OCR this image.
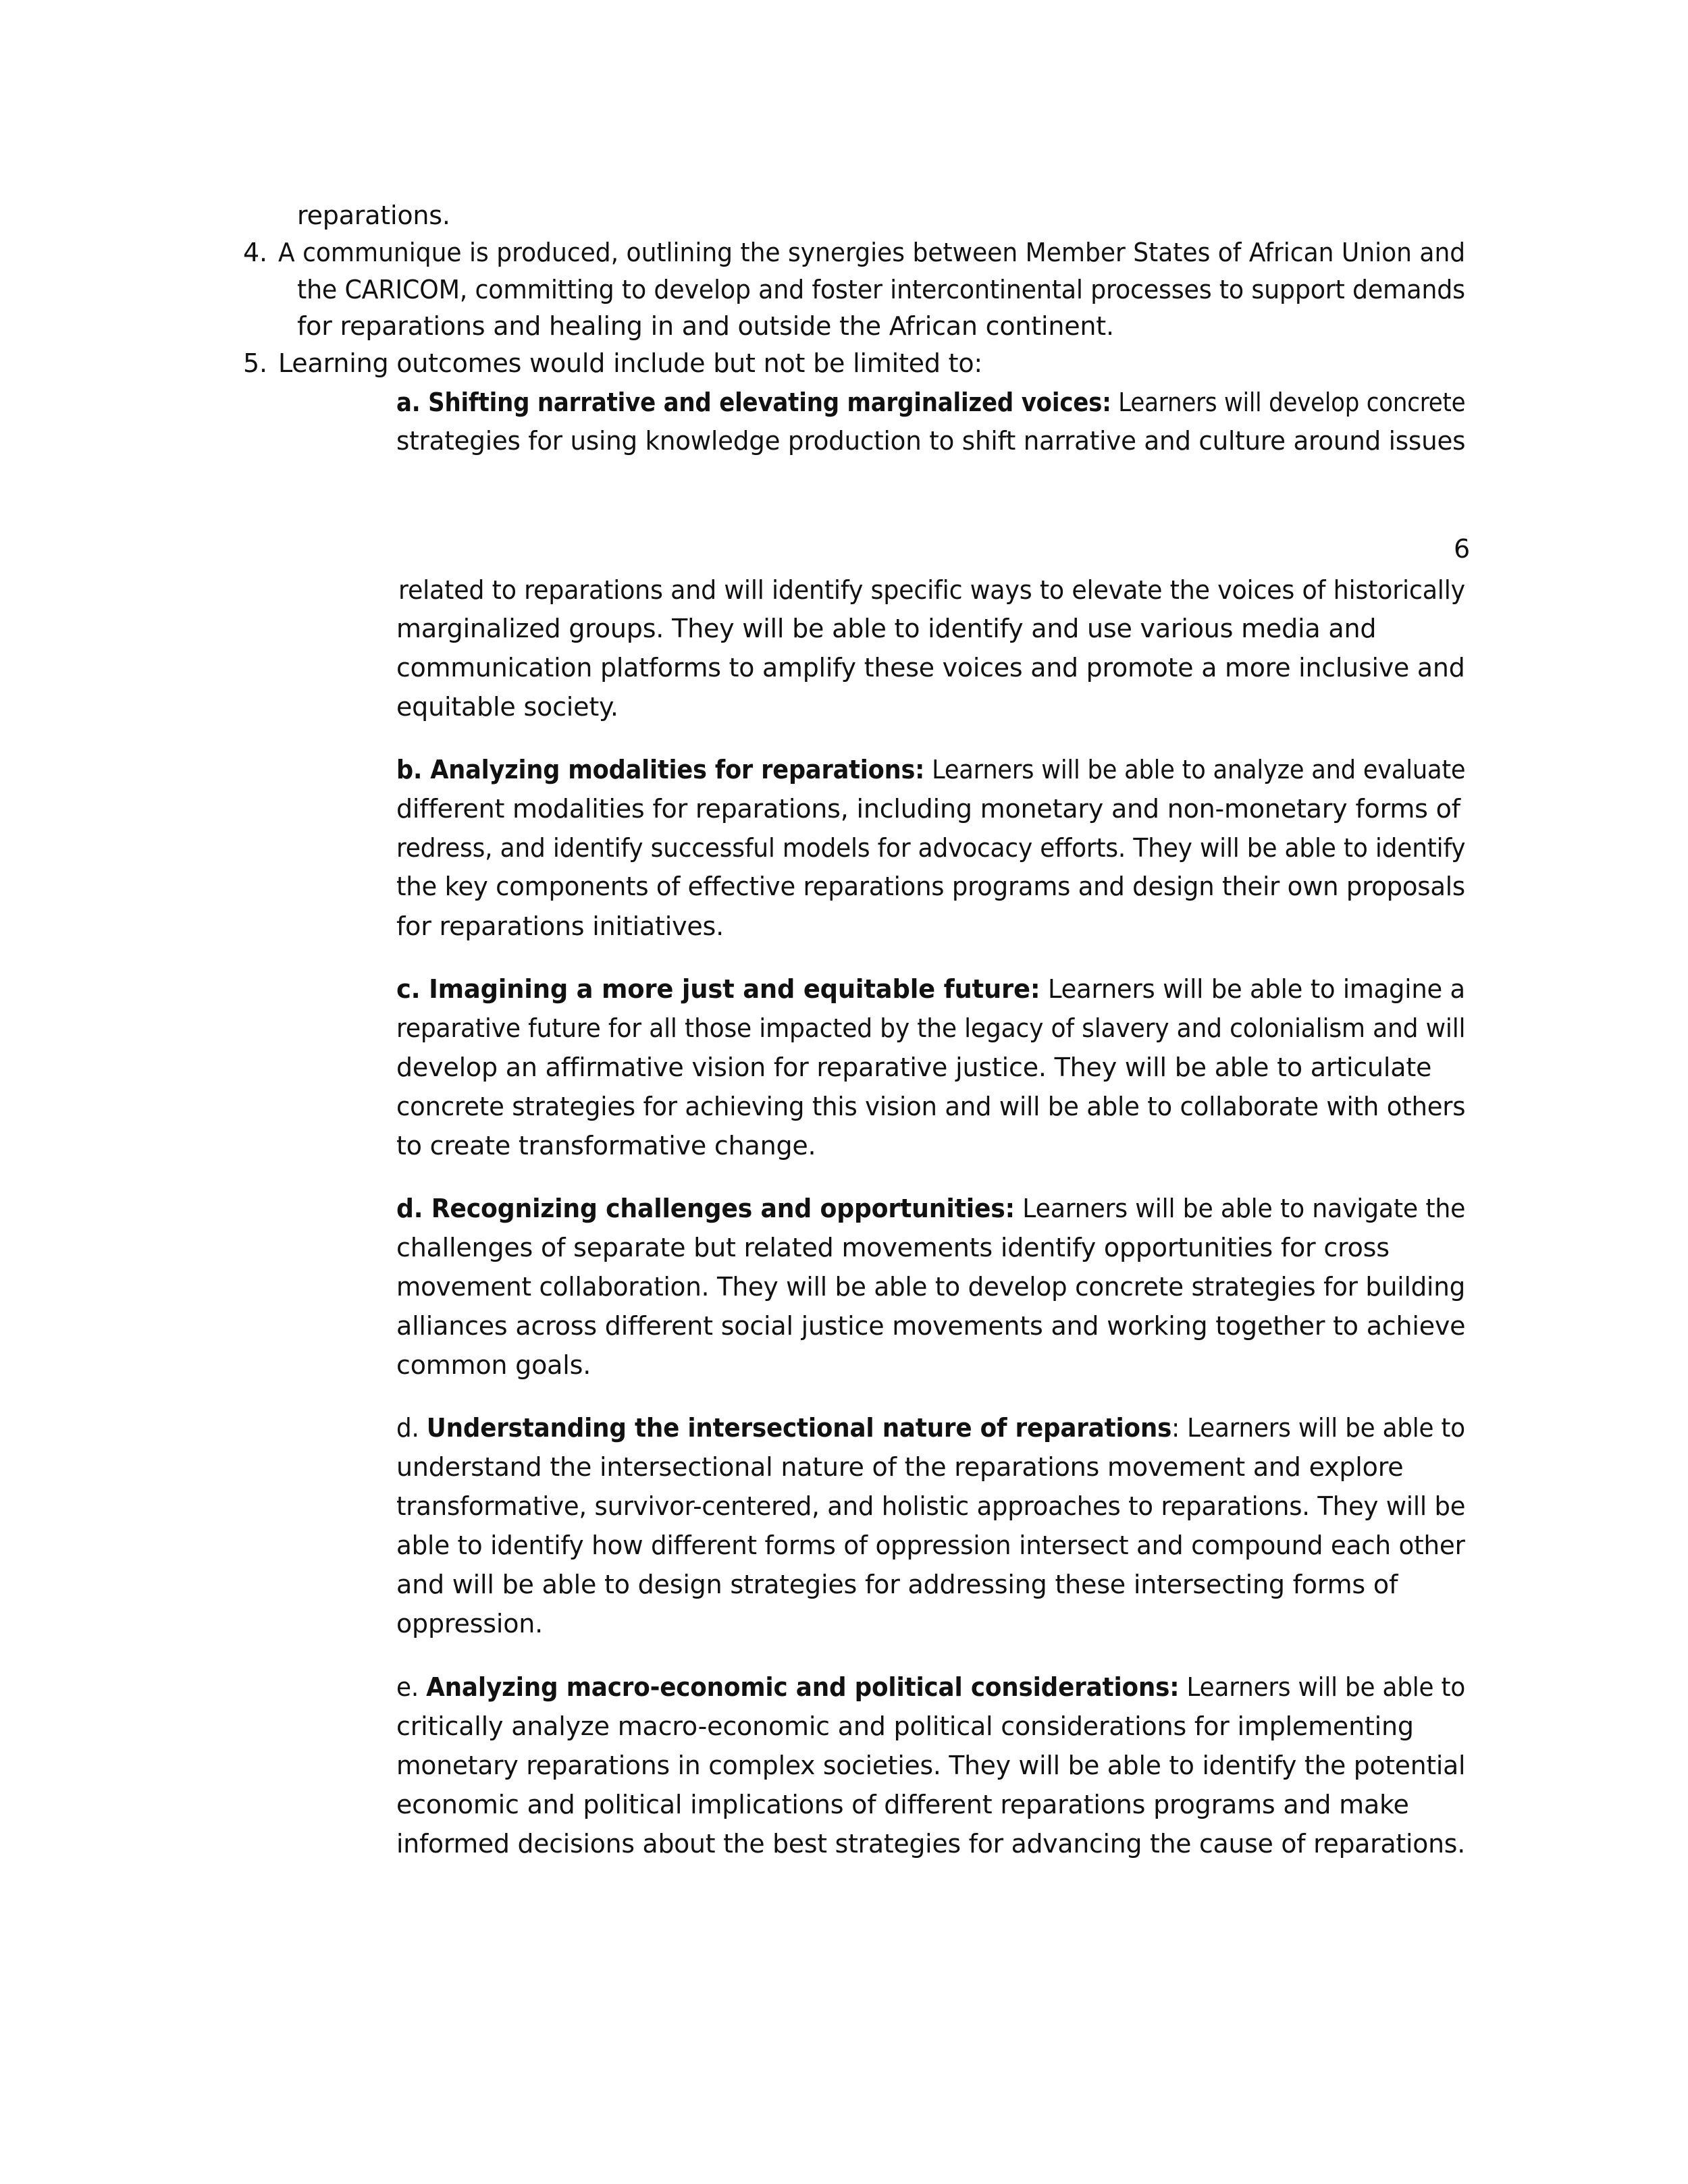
reparations.
4. A communique is produced, outlining the synergies between Member States of African Union and
the CARICOM, committing to develop and foster intercontinental processes to support demands
for reparations and healing in and outside the African continent.
5. Learning outcomes would include but not be limited to:
a. Shifting narrative and elevating marginalized voices: Learners will develop concrete
strategies for using knowledge production to shift narrative and culture around issues
6
related to reparations and will identify specific ways to elevate the voices of historically
marginalized groups. They will be able to identify and use various media and
communication platforms to amplify these voices and promote a more inclusive and
equitable society.
b. Analyzing modalities for reparations: Learners will be able to analyze and evaluate
different modalities for reparations, including monetary and non-monetary forms of
redress, and identify successful models for advocacy efforts. They will be able to identify
the key components of effective reparations programs and design their own proposals
for reparations initiatives.
c. Imagining a more just and equitable future: Learners will be able to imagine a
reparative future for all those impacted by the legacy of slavery and colonialism and will
develop an affirmative vision for reparative justice. They will be able to articulate
concrete strategies for achieving this vision and will be able to collaborate with others
to create transformative change.
d. Recognizing challenges and opportunities: Learners will be able to navigate the
challenges of separate but related movements identify opportunities for cross
movement collaboration. They will be able to develop concrete strategies for building
alliances across different social justice movements and working together to achieve
common goals.
d. Understanding the intersectional nature of reparations: Learners will be able to
understand the intersectional nature of the reparations movement and explore
transformative, survivor-centered, and holistic approaches to reparations. They will be
able to identify how different forms of oppression intersect and compound each other
and will be able to design strategies for addressing these intersecting forms of
oppression.
e. Analyzing macro-economic and political considerations: Learners will be able to
critically analyze macro-economic and political considerations for implementing
monetary reparations in complex societies. They will be able to identify the potential
economic and political implications of different reparations programs and make
informed decisions about the best strategies for advancing the cause of reparations.
